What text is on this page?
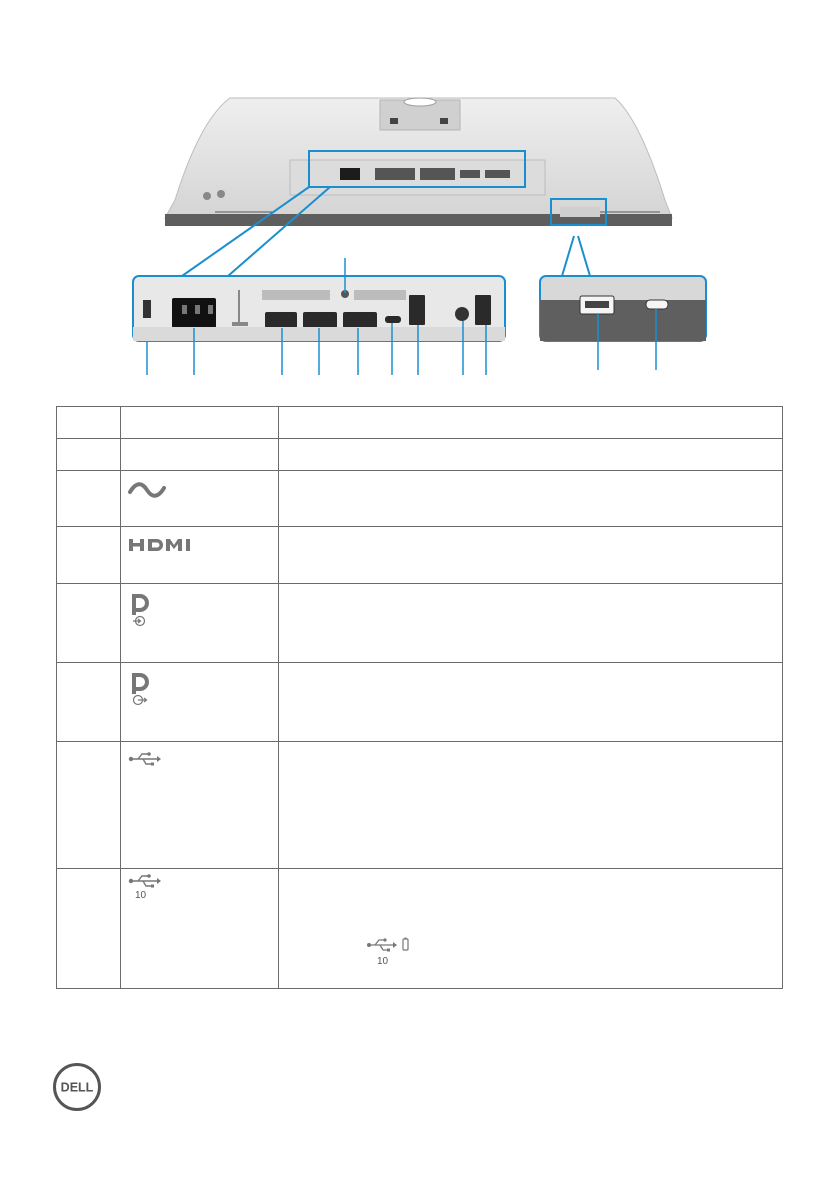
	10	10
DELL
